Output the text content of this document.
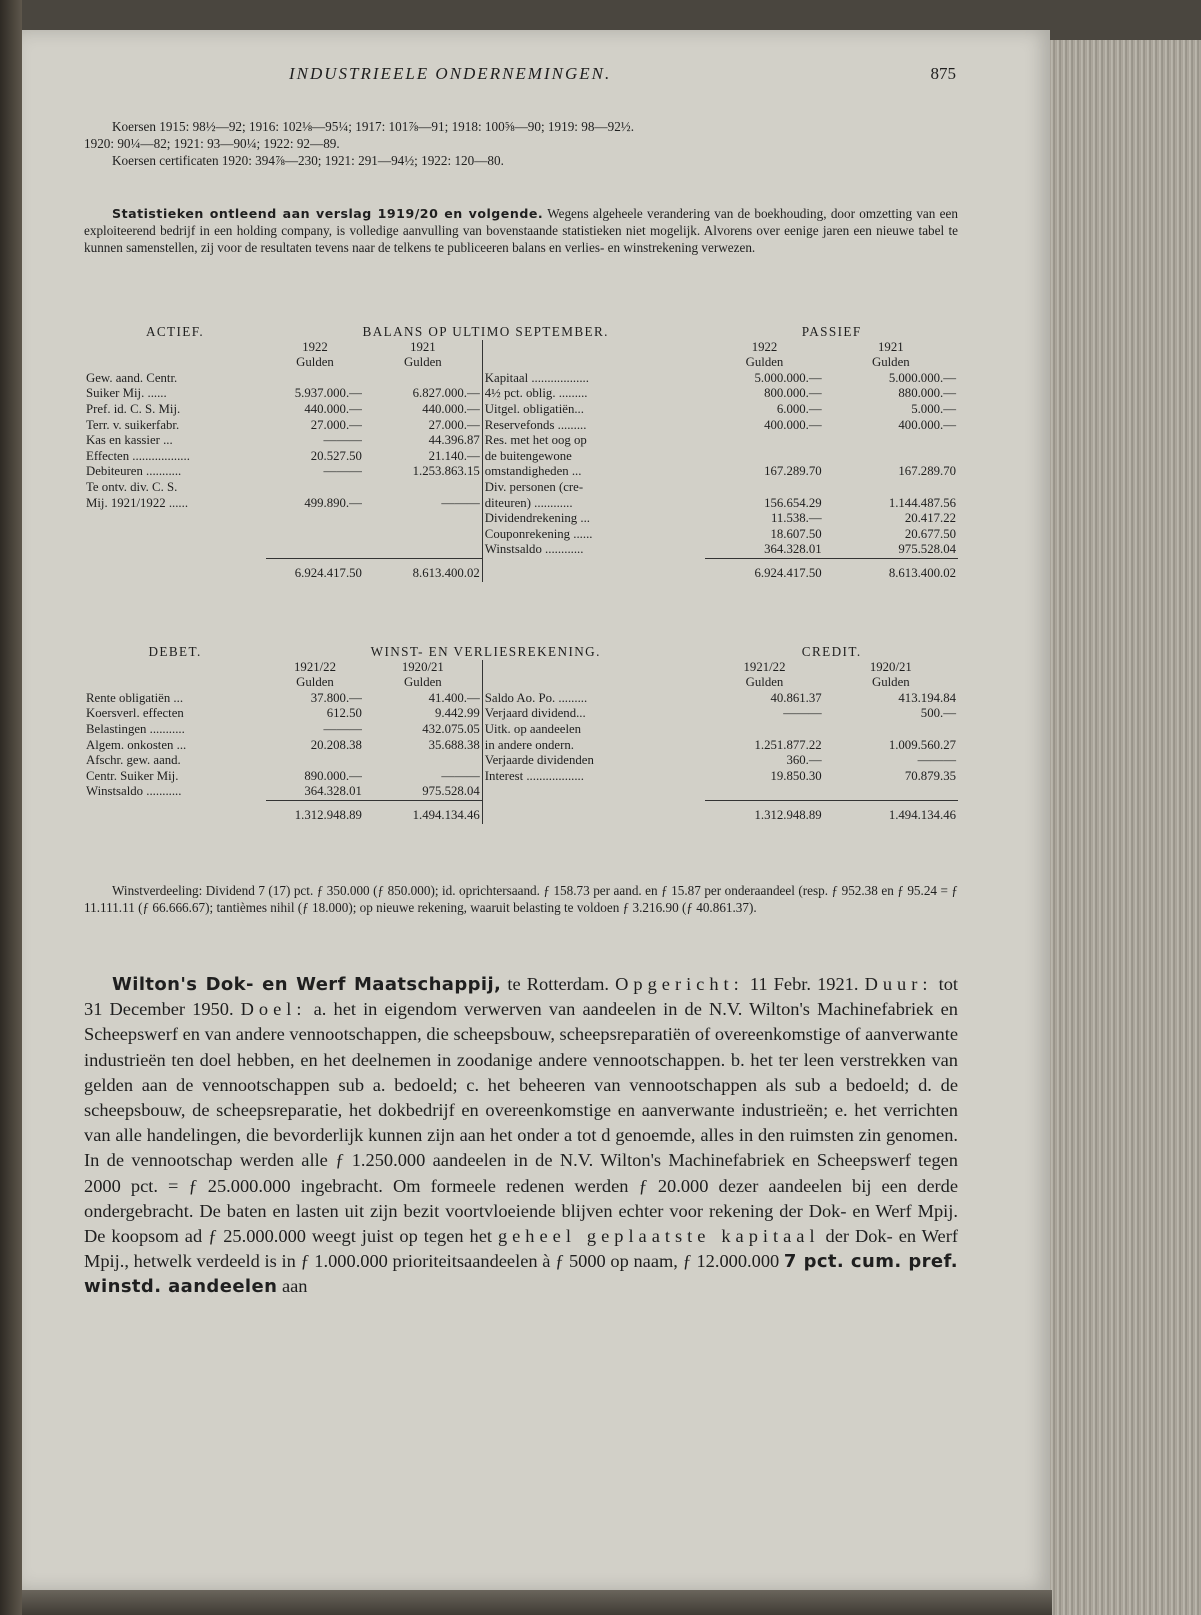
INDUSTRIEELE ONDERNEMINGEN.	875

Koersen 1915: 98½—92; 1916: 102⅛—95¼; 1917: 101⅞—91; 1918: 100⅝—90; 1919: 98—92½.

1920: 90¼—82; 1921: 93—90¼; 1922: 92—89.

Koersen certificaten 1920: 394⅞—230; 1921: 291—94½; 1922: 120—80.

Statistieken ontleend aan verslag 1919/20 en volgende. Wegens algeheele verandering van de boekhouding, door omzetting van een exploiteerend bedrijf in een holding company, is volledige aanvulling van bovenstaande statistieken niet mogelijk. Alvorens over eenige jaren een nieuwe tabel te kunnen samenstellen, zij voor de resultaten tevens naar de telkens te publiceeren balans en verlies- en winstrekening verwezen.

ACTIEF.	BALANS OP ULTIMO SEPTEMBER.			PASSIEF	
	1922	1921		1922	1921
	Gulden	Gulden		Gulden	Gulden
Gew. aand. Centr.			Kapitaal ..................	5.000.000.—	5.000.000.—
Suiker Mij. ......	5.937.000.—	6.827.000.—	4½ pct. oblig. .........	800.000.—	880.000.—
Pref. id. C. S. Mij.	440.000.—	440.000.—	Uitgel. obligatiën...	6.000.—	5.000.—
Terr. v. suikerfabr.	27.000.—	27.000.—	Reservefonds .........	400.000.—	400.000.—
Kas en kassier ...	———	44.396.87	Res. met het oog op		
Effecten ..................	20.527.50	21.140.—	de buitengewone		
Debiteuren ...........	———	1.253.863.15	omstandigheden ...	167.289.70	167.289.70
Te ontv. div. C. S.			Div. personen (cre-		
Mij. 1921/1922 ......	499.890.—	———	diteuren) ............	156.654.29	1.144.487.56
			Dividendrekening ...	11.538.—	20.417.22
			Couponrekening ......	18.607.50	20.677.50
			Winstsaldo ............	364.328.01	975.528.04

	6.924.417.50	8.613.400.02		6.924.417.50	8.613.400.02
DEBET.	WINST- EN VERLIESREKENING.			CREDIT.	
	1921/22	1920/21		1921/22	1920/21
	Gulden	Gulden		Gulden	Gulden
Rente obligatiën ...	37.800.—	41.400.—	Saldo Ao. Po. .........	40.861.37	413.194.84
Koersverl. effecten	612.50	9.442.99	Verjaard dividend...	———	500.—
Belastingen ...........	———	432.075.05	Uitk. op aandeelen		
Algem. onkosten ...	20.208.38	35.688.38	in andere ondern.	1.251.877.22	1.009.560.27
Afschr. gew. aand.			Verjaarde dividenden	360.—	———
Centr. Suiker Mij.	890.000.—	———	Interest ..................	19.850.30	70.879.35
Winstsaldo ...........	364.328.01	975.528.04			

	1.312.948.89	1.494.134.46		1.312.948.89	1.494.134.46

Winstverdeeling: Dividend 7 (17) pct. ƒ 350.000 (ƒ 850.000); id. oprichtersaand. ƒ 158.73 per aand. en ƒ 15.87 per onderaandeel (resp. ƒ 952.38 en ƒ 95.24 = ƒ 11.111.11 (ƒ 66.666.67); tantièmes nihil (ƒ 18.000); op nieuwe rekening, waaruit belasting te voldoen ƒ 3.216.90 (ƒ 40.861.37).

Wilton's Dok- en Werf Maatschappij, te Rotterdam. Opgericht: 11 Febr. 1921. Duur: tot 31 December 1950. Doel: a. het in eigendom verwerven van aandeelen in de N.V. Wilton's Machinefabriek en Scheepswerf en van andere vennootschappen, die scheepsbouw, scheepsreparatiën of overeenkomstige of aanverwante industrieën ten doel hebben, en het deelnemen in zoodanige andere vennootschappen. b. het ter leen verstrekken van gelden aan de vennootschappen sub a. bedoeld; c. het beheeren van vennootschappen als sub a bedoeld; d. de scheepsbouw, de scheepsreparatie, het dokbedrijf en overeenkomstige en aanverwante industrieën; e. het verrichten van alle handelingen, die bevorderlijk kunnen zijn aan het onder a tot d genoemde, alles in den ruimsten zin genomen. In de vennootschap werden alle ƒ 1.250.000 aandeelen in de N.V. Wilton's Machinefabriek en Scheepswerf tegen 2000 pct. = ƒ 25.000.000 ingebracht. Om formeele redenen werden ƒ 20.000 dezer aandeelen bij een derde ondergebracht. De baten en lasten uit zijn bezit voortvloeiende blijven echter voor rekening der Dok- en Werf Mpij. De koopsom ad ƒ 25.000.000 weegt juist op tegen het geheel geplaatste kapitaal der Dok- en Werf Mpij., hetwelk verdeeld is in ƒ 1.000.000 prioriteitsaandeelen à ƒ 5000 op naam, ƒ 12.000.000 7 pct. cum. pref. winstd. aandeelen aan
